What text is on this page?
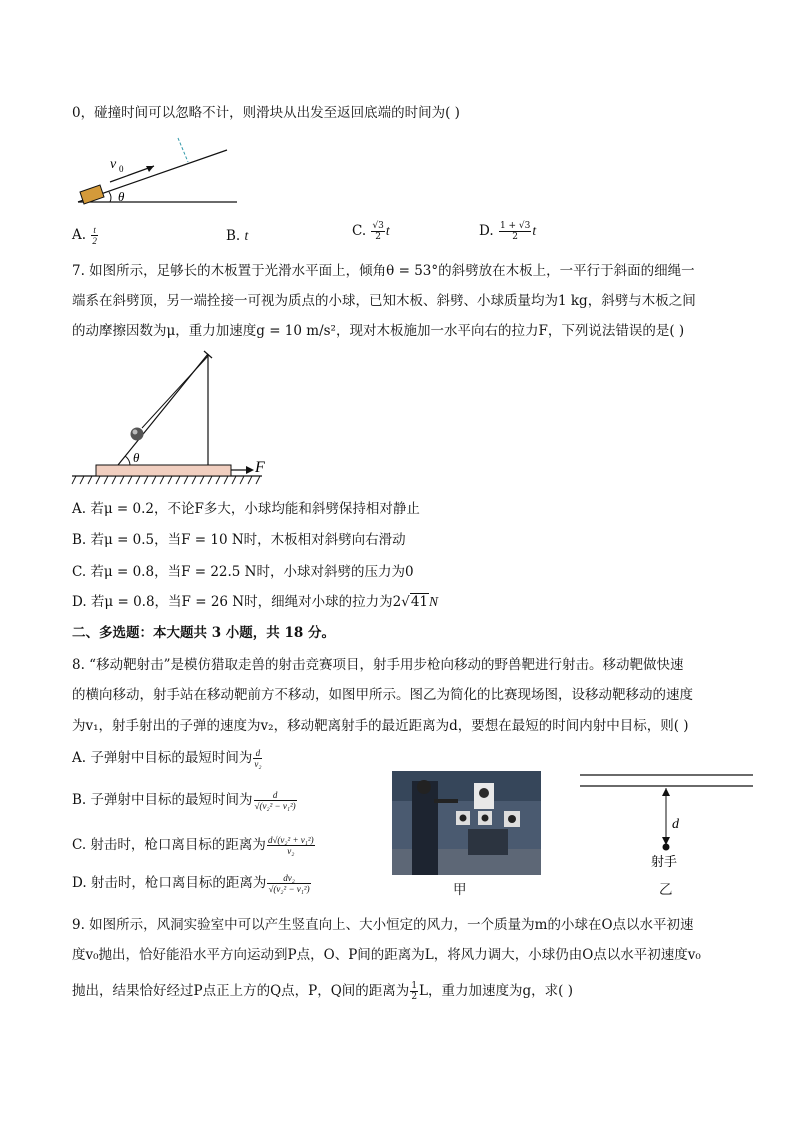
0，碰撞时间可以忽略不计，则滑块从出发至返回底端的时间为( )
v 0
θ
A. $\frac{t}{2}$	B. t	C. $\frac{√3}{2}$ t	D. $\frac{1 + √3}{2}$ t
7. 如图所示，足够长的木板置于光滑水平面上，倾角θ = 53°的斜劈放在木板上，一平行于斜面的细绳一
端系在斜劈顶，另一端拴接一可视为质点的小球，已知木板、斜劈、小球质量均为1 kg，斜劈与木板之间
的动摩擦因数为μ，重力加速度g = 10 m/s²，现对木板施加一水平向右的拉力F，下列说法错误的是( )
θ
F
A. 若μ = 0.2，不论F多大，小球均能和斜劈保持相对静止
B. 若μ = 0.5，当F = 10 N时，木板相对斜劈向右滑动
C. 若μ = 0.8，当F = 22.5 N时，小球对斜劈的压力为0
D. 若μ = 0.8，当F = 26 N时，细绳对小球的拉力为2√41N
二、多选题：本大题共 3 小题，共 18 分。
8. “移动靶射击”是模仿猎取走兽的射击竞赛项目，射手用步枪向移动的野兽靶进行射击。移动靶做快速
的横向移动，射手站在移动靶前方不移动，如图甲所示。图乙为简化的比赛现场图，设移动靶移动的速度
为v₁，射手射出的子弹的速度为v₂，移动靶离射手的最近距离为d，要想在最短的时间内射中目标，则( )
A. 子弹射中目标的最短时间为 $\frac{d}{\text{v₂}}$
B. 子弹射中目标的最短时间为 $\frac{d}{\text{√(v₂² − v₁²)}}$
C. 射击时，枪口离目标的距离为 $\frac{\text{d√(v₂² + v₁²)}}{\text{v₂}}$
D. 射击时，枪口离目标的距离为 $\frac{\text{dv₂}}{\text{√(v₂² − v₁²)}}$	甲
d
射手
乙
9. 如图所示，风洞实验室中可以产生竖直向上、大小恒定的风力，一个质量为m的小球在O点以水平初速
度v₀抛出，恰好能沿水平方向运动到P点，O、P间的距离为L，将风力调大，小球仍由O点以水平初速度v₀
抛出，结果恰好经过P点正上方的Q点，P，Q间的距离为 $\frac{1}{2}$ L，重力加速度为g，求( )
